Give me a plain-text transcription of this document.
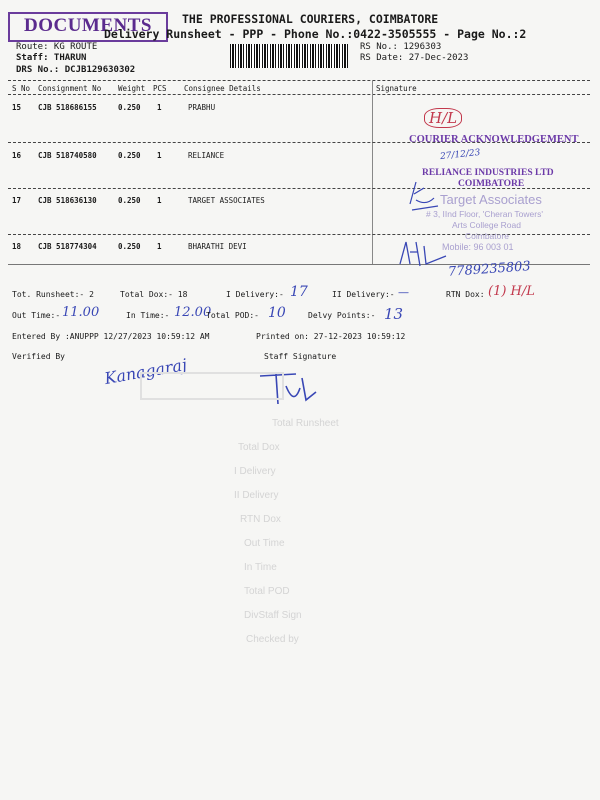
DOCUMENTS	THE PROFESSIONAL COURIERS, COIMBATORE
Delivery Runsheet - PPP - Phone No.:0422-3505555 - Page No.:2
Route: KG ROUTE
Staff: THARUN
DRS No.: DCJB129630302
RS No.: 1296303
RS Date: 27-Dec-2023
S No Consignment No Weight PCS Consignee Details	Signature
15 CJB 518686155	0.250 1	PRABHU
16 CJB 518740580	0.250 1	RELIANCE
17 CJB 518636130	0.250 1	TARGET ASSOCIATES
18 CJB 518774304	0.250 1	BHARATHI DEVI
H/L
COURIER ACKNOWLEDGEMENT
27/12/23
RELIANCE INDUSTRIES LTD
COIMBATORE
Target Associates
# 3, IInd Floor, 'Cheran Towers'
Arts College Road
Coimbatore
Mobile: 96 003 01
7789235803
Tot. Runsheet:- 2	Total Dox:- 18	I Delivery:- 17	II Delivery:- —	RTN Dox: (1) H/L
Out Time:- 11.00	In Time:- 12.00
Total POD:- 10	Delvy Points:- 13
Entered By :ANUPPP 12/27/2023 10:59:12 AM	Printed on: 27-12-2023 10:59:12
Verified By	Staff Signature
Kanagaraj
Total Runsheet
Total Dox
I Delivery
II Delivery
RTN Dox
Out Time
In Time
Total POD
DivStaff Sign
Checked by
